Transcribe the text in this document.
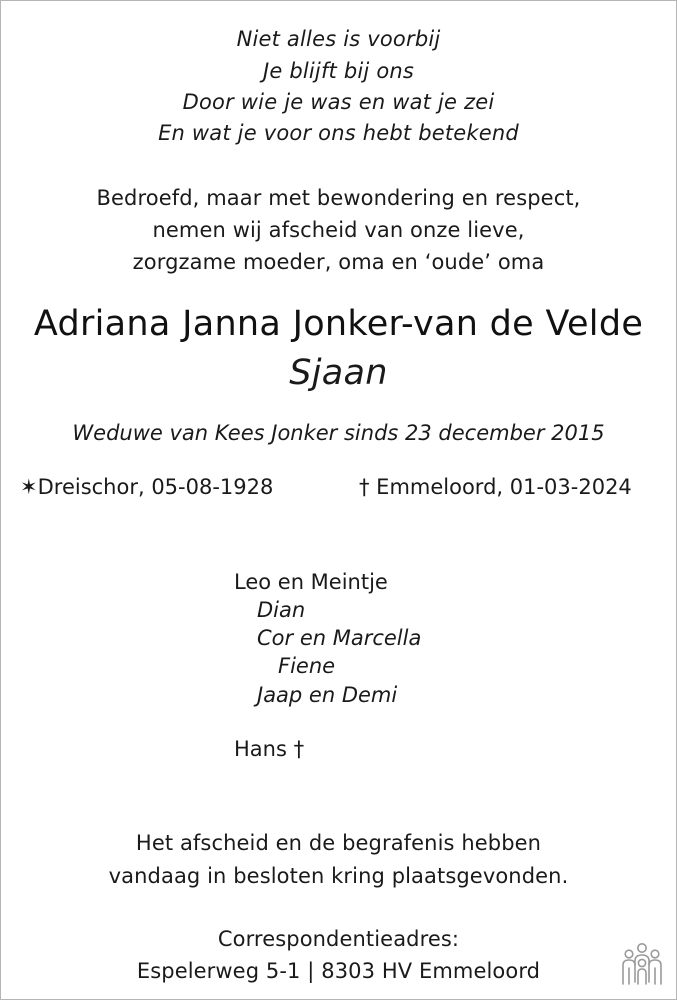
Niet alles is voorbij
Je blijft bij ons
Door wie je was en wat je zei
En wat je voor ons hebt betekend
Bedroefd, maar met bewondering en respect,
nemen wij afscheid van onze lieve,
zorgzame moeder, oma en ‘oude’ oma
Adriana Janna Jonker-van de Velde
Sjaan
Weduwe van Kees Jonker sinds 23 december 2015
✶Dreischor, 05-08-1928	† Emmeloord, 01-03-2024
Leo en Meintje
Dian
Cor en Marcella
Fiene
Jaap en Demi
Hans †
Het afscheid en de begrafenis hebben
vandaag in besloten kring plaatsgevonden.
Correspondentieadres:
Espelerweg 5-1 | 8303 HV Emmeloord
